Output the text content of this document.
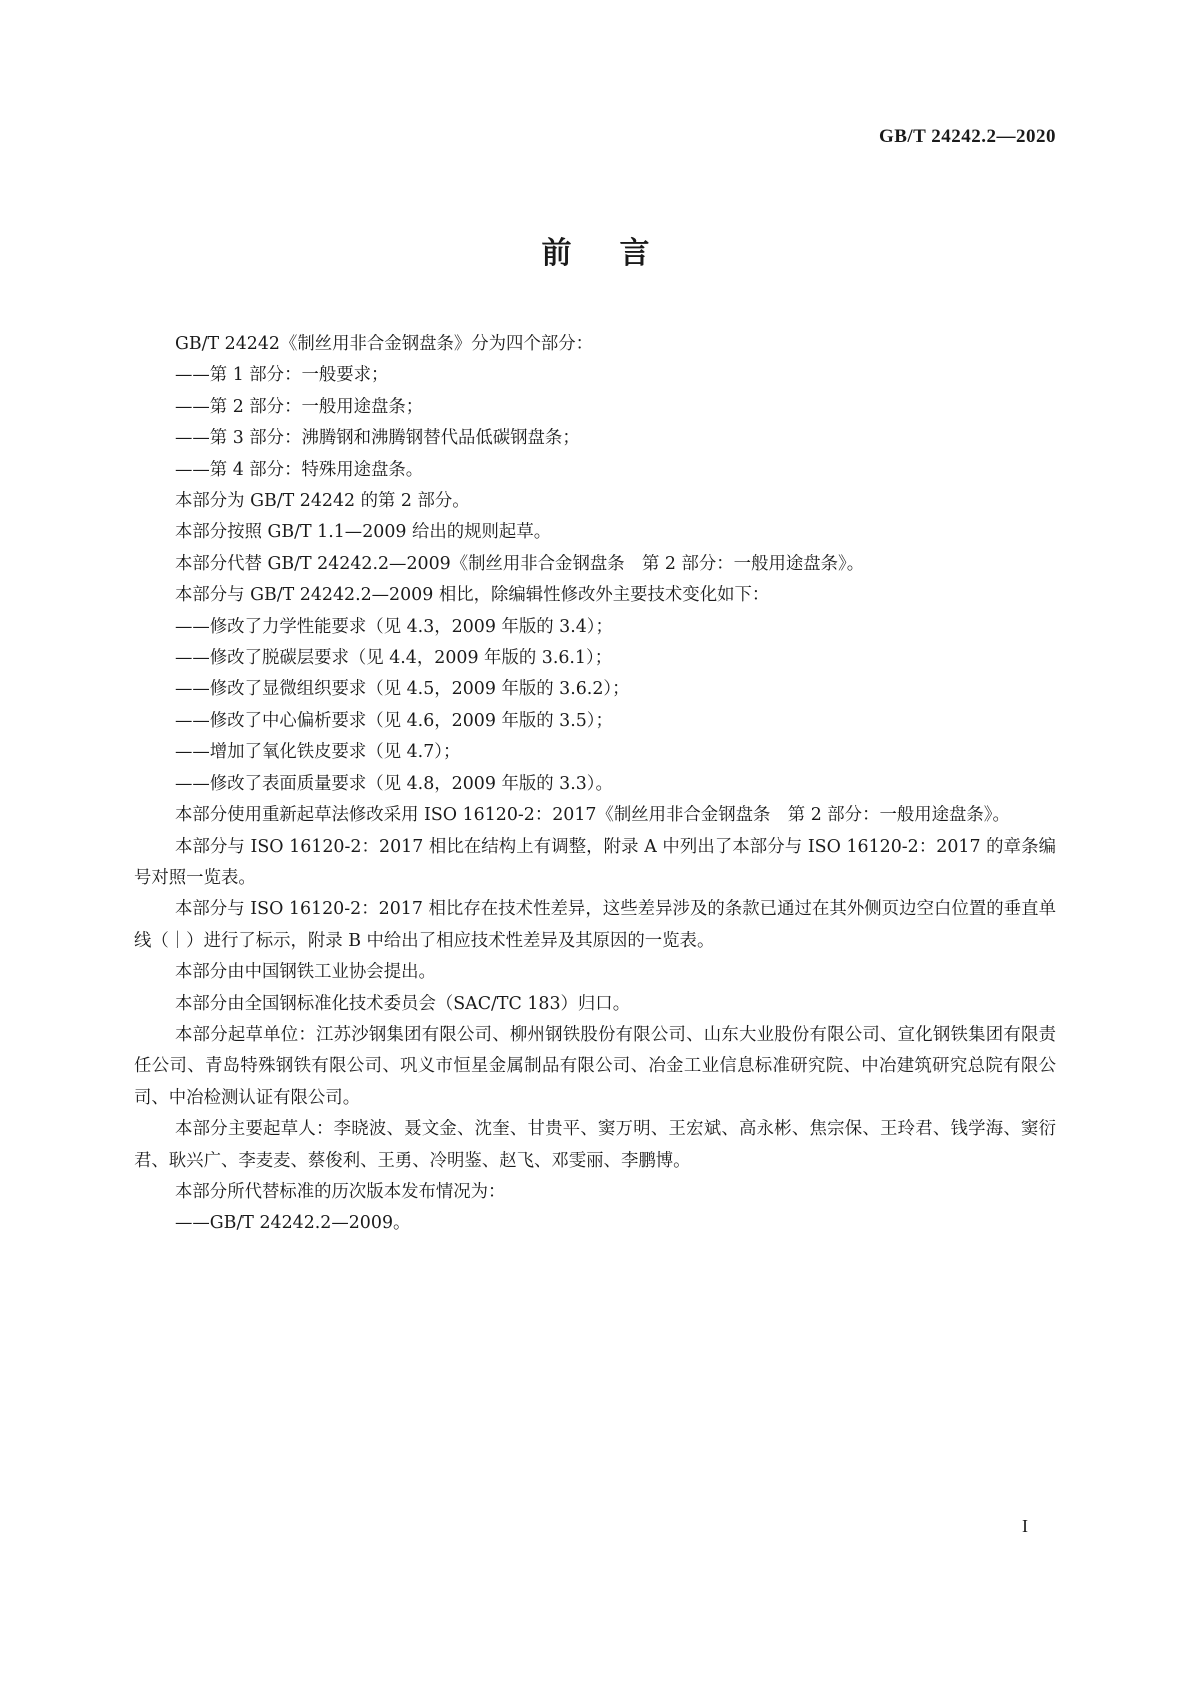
GB/T 24242.2—2020
前言

GB/T 24242《制丝用非合金钢盘条》分为四个部分：

——第 1 部分：一般要求；

——第 2 部分：一般用途盘条；

——第 3 部分：沸腾钢和沸腾钢替代品低碳钢盘条；

——第 4 部分：特殊用途盘条。

本部分为 GB/T 24242 的第 2 部分。

本部分按照 GB/T 1.1—2009 给出的规则起草。

本部分代替 GB/T 24242.2—2009《制丝用非合金钢盘条　第 2 部分：一般用途盘条》。

本部分与 GB/T 24242.2—2009 相比，除编辑性修改外主要技术变化如下：

——修改了力学性能要求（见 4.3，2009 年版的 3.4）；

——修改了脱碳层要求（见 4.4，2009 年版的 3.6.1）；

——修改了显微组织要求（见 4.5，2009 年版的 3.6.2）；

——修改了中心偏析要求（见 4.6，2009 年版的 3.5）；

——增加了氧化铁皮要求（见 4.7）；

——修改了表面质量要求（见 4.8，2009 年版的 3.3）。

本部分使用重新起草法修改采用 ISO 16120-2：2017《制丝用非合金钢盘条　第 2 部分：一般用途盘条》。

本部分与 ISO 16120-2：2017 相比在结构上有调整，附录 A 中列出了本部分与 ISO 16120-2：2017 的章条编号对照一览表。

本部分与 ISO 16120-2：2017 相比存在技术性差异，这些差异涉及的条款已通过在其外侧页边空白位置的垂直单线（｜）进行了标示，附录 B 中给出了相应技术性差异及其原因的一览表。

本部分由中国钢铁工业协会提出。

本部分由全国钢标准化技术委员会（SAC/TC 183）归口。

本部分起草单位：江苏沙钢集团有限公司、柳州钢铁股份有限公司、山东大业股份有限公司、宣化钢铁集团有限责任公司、青岛特殊钢铁有限公司、巩义市恒星金属制品有限公司、冶金工业信息标准研究院、中冶建筑研究总院有限公司、中冶检测认证有限公司。

本部分主要起草人：李晓波、聂文金、沈奎、甘贵平、窦万明、王宏斌、高永彬、焦宗保、王玲君、钱学海、窦衍君、耿兴广、李麦麦、蔡俊利、王勇、冷明鉴、赵飞、邓雯丽、李鹏博。

本部分所代替标准的历次版本发布情况为：

——GB/T 24242.2—2009。

I
